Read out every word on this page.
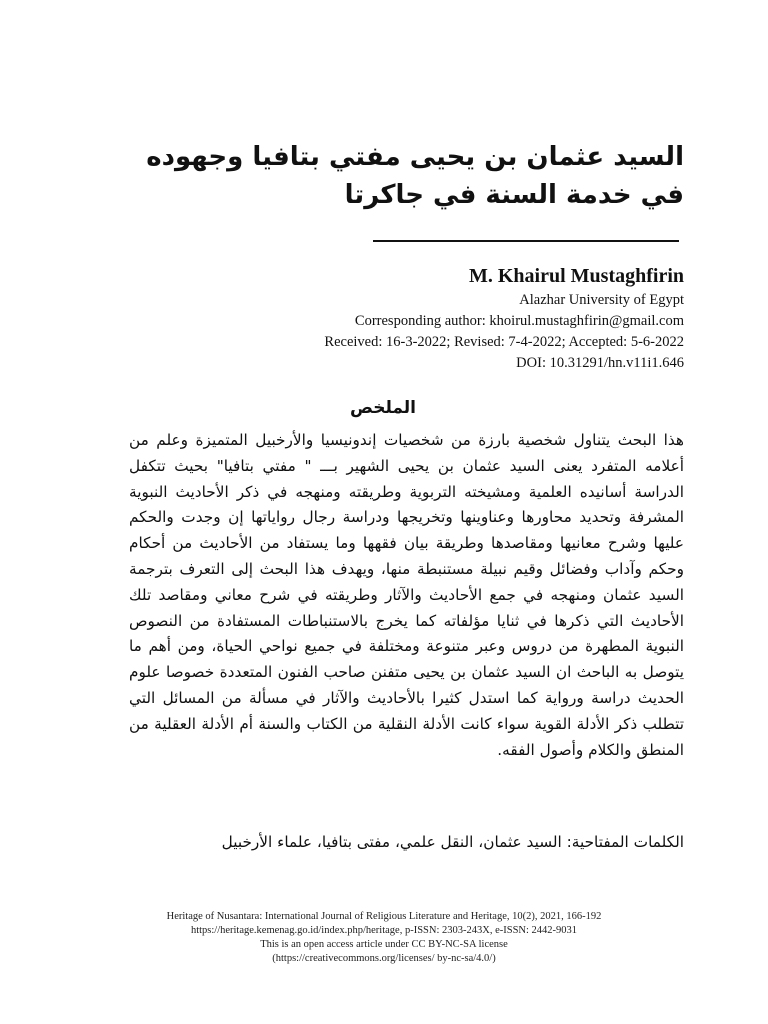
السيد عثمان بن يحيى مفتي بتافيا وجهوده في خدمة السنة في جاكرتا

M. Khairul Mustaghfirin

Alazhar University of Egypt
Corresponding author: khoirul.mustaghfirin@gmail.com
Received: 16-3-2022; Revised: 7-4-2022; Accepted: 5-6-2022
DOI: 10.31291/hn.v11i1.646
الملخص

هذا البحث يتناول شخصية بارزة من شخصيات إندونيسيا والأرخبيل المتميزة وعلم من أعلامه المتفرد يعنى السيد عثمان بن يحيى الشهير بـــ " مفتي بتافيا" بحيث تتكفل الدراسة أسانيده العلمية ومشيخته التربوية وطريقته ومنهجه في ذكر الأحاديث النبوية المشرفة وتحديد محاورها وعناوينها وتخريجها ودراسة رجال رواياتها إن وجدت والحكم عليها وشرح معانيها ومقاصدها وطريقة بيان فقهها وما يستفاد من الأحاديث من أحكام وحكم وآداب وفضائل وقيم نبيلة مستنبطة منها، ويهدف هذا البحث إلى التعرف بترجمة السيد عثمان ومنهجه في جمع الأحاديث والآثار وطريقته في شرح معاني ومقاصد تلك الأحاديث التي ذكرها في ثنايا مؤلفاته كما يخرج بالاستنباطات المستفادة من النصوص النبوية المطهرة من دروس وعبر متنوعة ومختلفة في جميع نواحي الحياة، ومن أهم ما يتوصل به الباحث ان السيد عثمان بن يحيى متفنن صاحب الفنون المتعددة خصوصا علوم الحديث دراسة ورواية كما استدل كثيرا بالأحاديث والآثار في مسألة من المسائل التي تتطلب ذكر الأدلة القوية سواء كانت الأدلة النقلية من الكتاب والسنة أم الأدلة العقلية من المنطق والكلام وأصول الفقه.

الكلمات المفتاحية: السيد عثمان، النقل علمي، مفتى بتافيا، علماء الأرخبيل

Heritage of Nusantara: International Journal of Religious Literature and Heritage, 10(2), 2021, 166-192
https://heritage.kemenag.go.id/index.php/heritage, p-ISSN: 2303-243X, e-ISSN: 2442-9031
This is an open access article under CC BY-NC-SA license
(https://creativecommons.org/licenses/ by-nc-sa/4.0/)
